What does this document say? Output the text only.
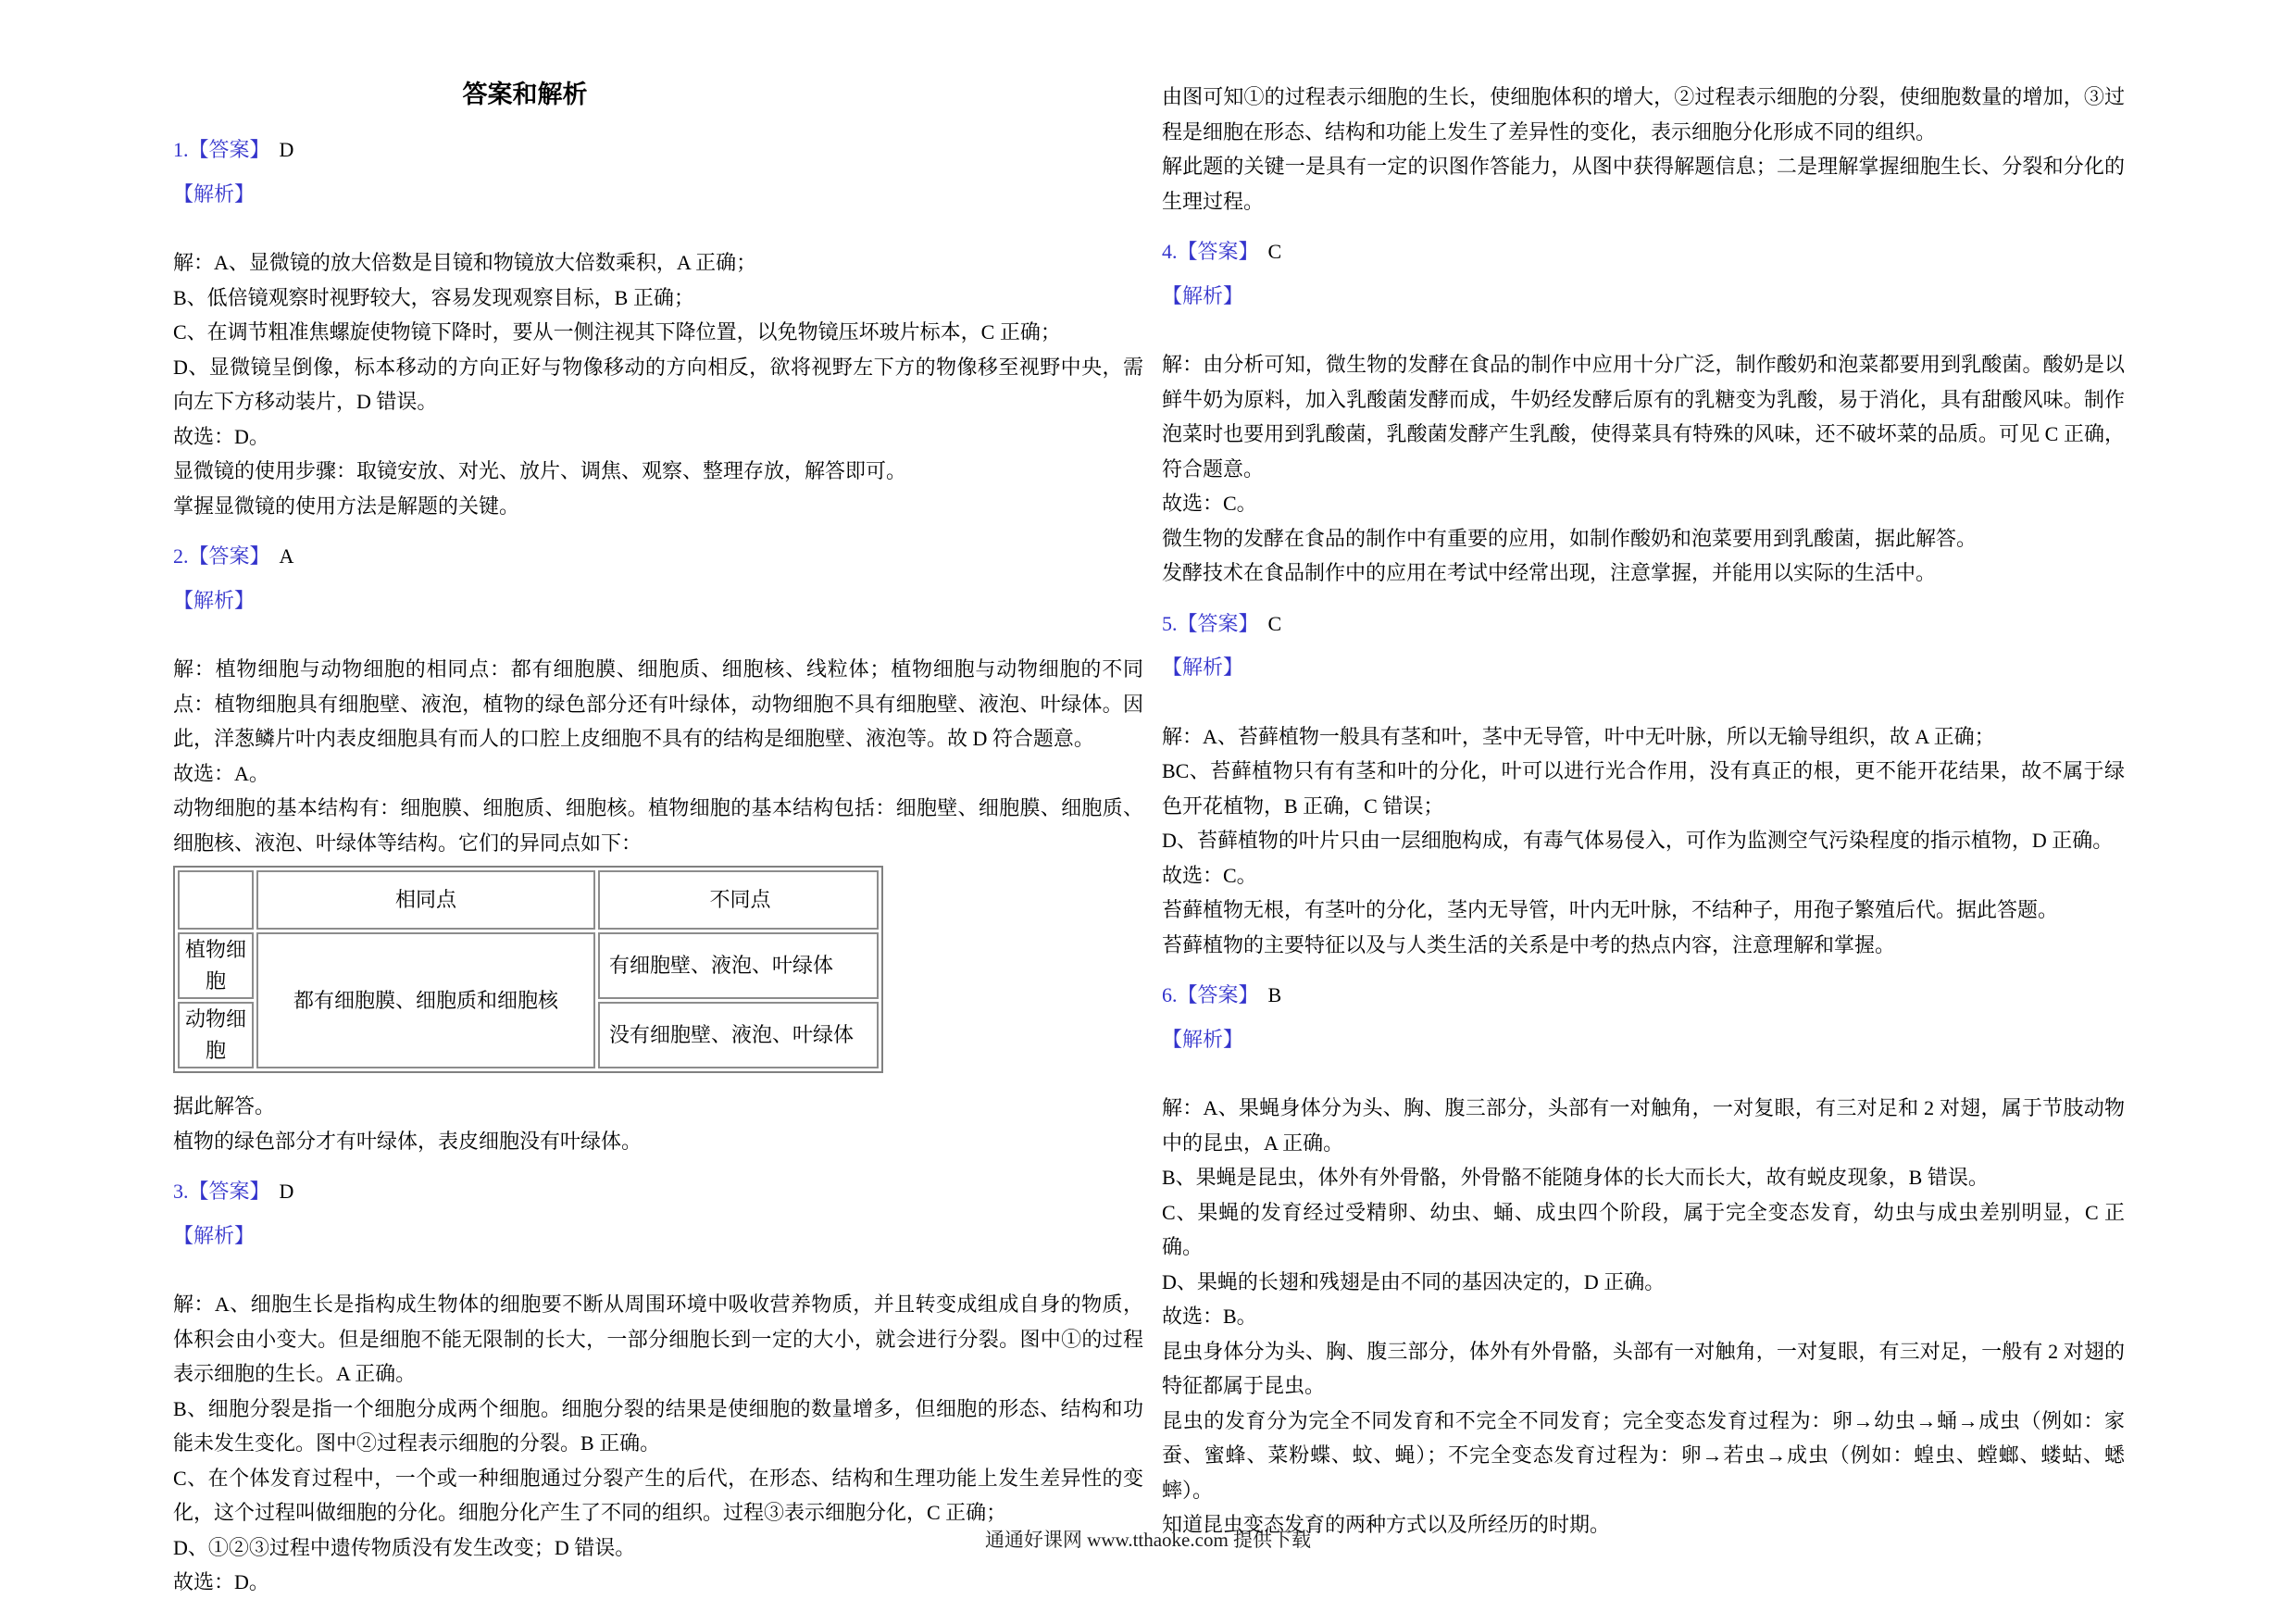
答案和解析

1.【答案】 D

【解析】

解：A、显微镜的放大倍数是目镜和物镜放大倍数乘积，A 正确；

B、低倍镜观察时视野较大，容易发现观察目标，B 正确；

C、在调节粗准焦螺旋使物镜下降时，要从一侧注视其下降位置，以免物镜压坏玻片标本，C 正确；

D、显微镜呈倒像，标本移动的方向正好与物像移动的方向相反，欲将视野左下方的物像移至视野中央，需向左下方移动装片，D 错误。

故选：D。

显微镜的使用步骤：取镜安放、对光、放片、调焦、观察、整理存放，解答即可。

掌握显微镜的使用方法是解题的关键。

2.【答案】 A

【解析】

解：植物细胞与动物细胞的相同点：都有细胞膜、细胞质、细胞核、线粒体；植物细胞与动物细胞的不同点：植物细胞具有细胞壁、液泡，植物的绿色部分还有叶绿体，动物细胞不具有细胞壁、液泡、叶绿体。因此，洋葱鳞片叶内表皮细胞具有而人的口腔上皮细胞不具有的结构是细胞壁、液泡等。故 D 符合题意。

故选：A。

动物细胞的基本结构有：细胞膜、细胞质、细胞核。植物细胞的基本结构包括：细胞壁、细胞膜、细胞质、细胞核、液泡、叶绿体等结构。它们的异同点如下：

	相同点	不同点
植物细胞	都有细胞膜、细胞质和细胞核	有细胞壁、液泡、叶绿体
动物细胞		没有细胞壁、液泡、叶绿体

据此解答。

植物的绿色部分才有叶绿体，表皮细胞没有叶绿体。

3.【答案】 D

【解析】

解：A、细胞生长是指构成生物体的细胞要不断从周围环境中吸收营养物质，并且转变成组成自身的物质，体积会由小变大。但是细胞不能无限制的长大，一部分细胞长到一定的大小，就会进行分裂。图中①的过程表示细胞的生长。A 正确。

B、细胞分裂是指一个细胞分成两个细胞。细胞分裂的结果是使细胞的数量增多，但细胞的形态、结构和功能未发生变化。图中②过程表示细胞的分裂。B 正确。

C、在个体发育过程中，一个或一种细胞通过分裂产生的后代，在形态、结构和生理功能上发生差异性的变化，这个过程叫做细胞的分化。细胞分化产生了不同的组织。过程③表示细胞分化，C 正确；

D、①②③过程中遗传物质没有发生改变；D 错误。

故选：D。

由图可知①的过程表示细胞的生长，使细胞体积的增大，②过程表示细胞的分裂，使细胞数量的增加，③过程是细胞在形态、结构和功能上发生了差异性的变化，表示细胞分化形成不同的组织。

解此题的关键一是具有一定的识图作答能力，从图中获得解题信息；二是理解掌握细胞生长、分裂和分化的生理过程。

4.【答案】 C

【解析】

解：由分析可知，微生物的发酵在食品的制作中应用十分广泛，制作酸奶和泡菜都要用到乳酸菌。酸奶是以鲜牛奶为原料，加入乳酸菌发酵而成，牛奶经发酵后原有的乳糖变为乳酸，易于消化，具有甜酸风味。制作泡菜时也要用到乳酸菌，乳酸菌发酵产生乳酸，使得菜具有特殊的风味，还不破坏菜的品质。可见 C 正确，符合题意。

故选：C。

微生物的发酵在食品的制作中有重要的应用，如制作酸奶和泡菜要用到乳酸菌，据此解答。

发酵技术在食品制作中的应用在考试中经常出现，注意掌握，并能用以实际的生活中。

5.【答案】 C

【解析】

解：A、苔藓植物一般具有茎和叶，茎中无导管，叶中无叶脉，所以无输导组织，故 A 正确；

BC、苔藓植物只有有茎和叶的分化，叶可以进行光合作用，没有真正的根，更不能开花结果，故不属于绿色开花植物，B 正确，C 错误；

D、苔藓植物的叶片只由一层细胞构成，有毒气体易侵入，可作为监测空气污染程度的指示植物，D 正确。

故选：C。

苔藓植物无根，有茎叶的分化，茎内无导管，叶内无叶脉，不结种子，用孢子繁殖后代。据此答题。

苔藓植物的主要特征以及与人类生活的关系是中考的热点内容，注意理解和掌握。

6.【答案】 B

【解析】

解：A、果蝇身体分为头、胸、腹三部分，头部有一对触角，一对复眼，有三对足和 2 对翅，属于节肢动物中的昆虫，A 正确。

B、果蝇是昆虫，体外有外骨骼，外骨骼不能随身体的长大而长大，故有蜕皮现象，B 错误。

C、果蝇的发育经过受精卵、幼虫、蛹、成虫四个阶段，属于完全变态发育，幼虫与成虫差别明显，C 正确。

D、果蝇的长翅和残翅是由不同的基因决定的，D 正确。

故选：B。

昆虫身体分为头、胸、腹三部分，体外有外骨骼，头部有一对触角，一对复眼，有三对足，一般有 2 对翅的特征都属于昆虫。

昆虫的发育分为完全不同发育和不完全不同发育；完全变态发育过程为：卵→幼虫→蛹→成虫（例如：家蚕、蜜蜂、菜粉蝶、蚊、蝇）；不完全变态发育过程为：卵→若虫→成虫（例如：蝗虫、螳螂、蝼蛄、蟋蟀）。

知道昆虫变态发育的两种方式以及所经历的时期。

通通好课网 www.tthaoke.com 提供下载
